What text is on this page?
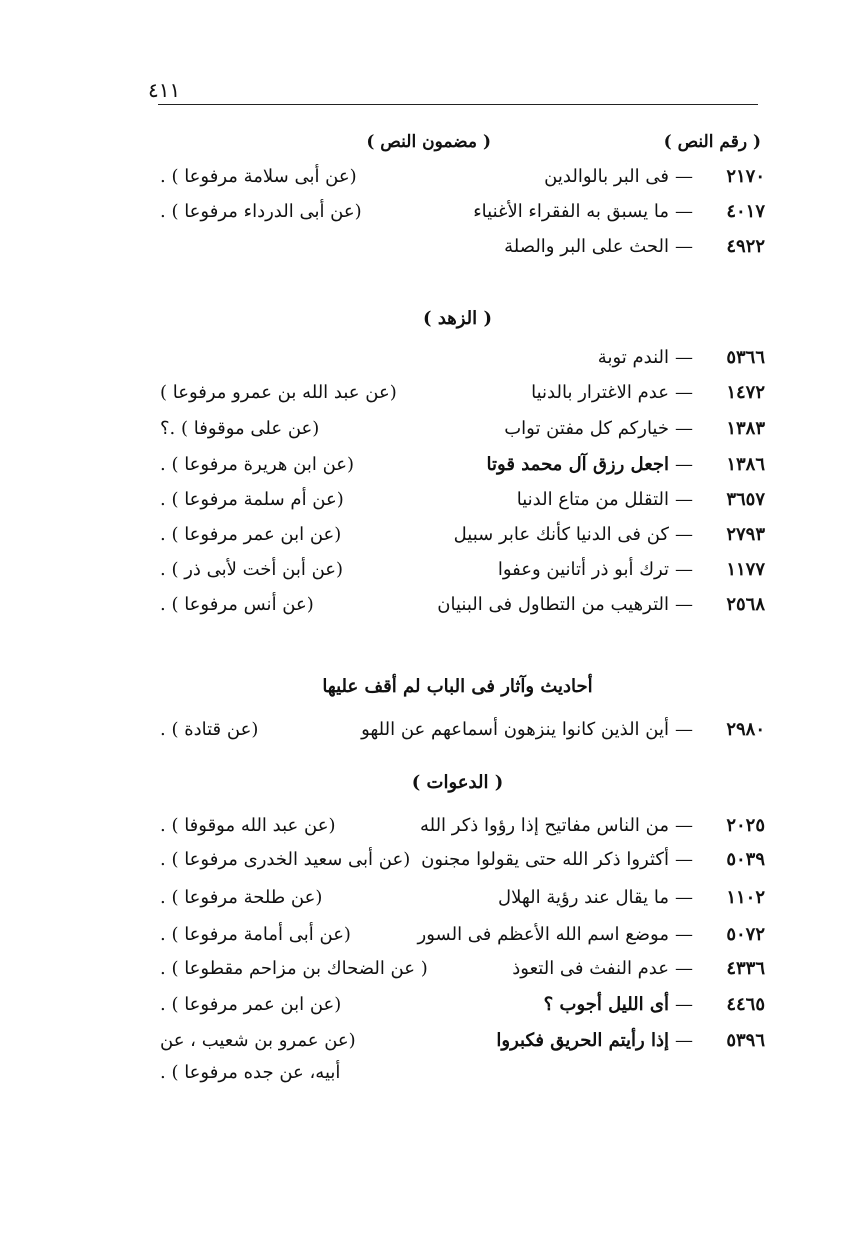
٤١١
( رقم النص )
( مضمون النص )
٢١٧٠
—
فى البر بالوالدين
(عن أبى سلامة مرفوعا ) .
٤٠١٧
—
ما يسبق به الفقراء الأغنياء
(عن أبى الدرداء مرفوعا ) .
٤٩٢٢
—
الحث على البر والصلة
( الزهد )
٥٣٦٦
—
الندم توبة
١٤٧٢
—
عدم الاغترار بالدنيا
(عن عبد الله بن عمرو مرفوعا )
١٣٨٣
—
خياركم كل مفتن تواب
(عن على موقوفا ) .؟
١٣٨٦
—
اجعل رزق آل محمد قوتا
(عن ابن هريرة مرفوعا ) .
٣٦٥٧
—
التقلل من متاع الدنيا
(عن أم سلمة مرفوعا ) .
٢٧٩٣
—
كن فى الدنيا كأنك عابر سبيل
(عن ابن عمر مرفوعا ) .
١١٧٧
—
ترك أبو ذر أتانين وعفوا
(عن أبن أخت لأبى ذر ) .
٢٥٦٨
—
الترهيب من التطاول فى البنيان
(عن أنس مرفوعا ) .
أحاديث وآثار فى الباب لم أقف عليها
٢٩٨٠
—
أين الذين كانوا ينزهون أسماعهم عن اللهو
(عن قتادة ) .
( الدعوات )
٢٠٢٥
—
من الناس مفاتيح إذا رؤوا ذكر الله
(عن عبد الله موقوفا ) .
٥٠٣٩
—
أكثروا ذكر الله حتى يقولوا مجنون
(عن أبى سعيد الخدرى مرفوعا ) .
١١٠٢
—
ما يقال عند رؤية الهلال
(عن طلحة مرفوعا ) .
٥٠٧٢
—
موضع اسم الله الأعظم فى السور
(عن أبى أمامة مرفوعا ) .
٤٣٣٦
—
عدم النفث فى التعوذ
( عن الضحاك بن مزاحم مقطوعا ) .
٤٤٦٥
—
أى الليل أجوب ؟
(عن ابن عمر مرفوعا ) .
٥٣٩٦
—
إذا رأيتم الحريق فكبروا
(عن عمرو بن شعيب ، عن
أبيه، عن جده مرفوعا ) .
